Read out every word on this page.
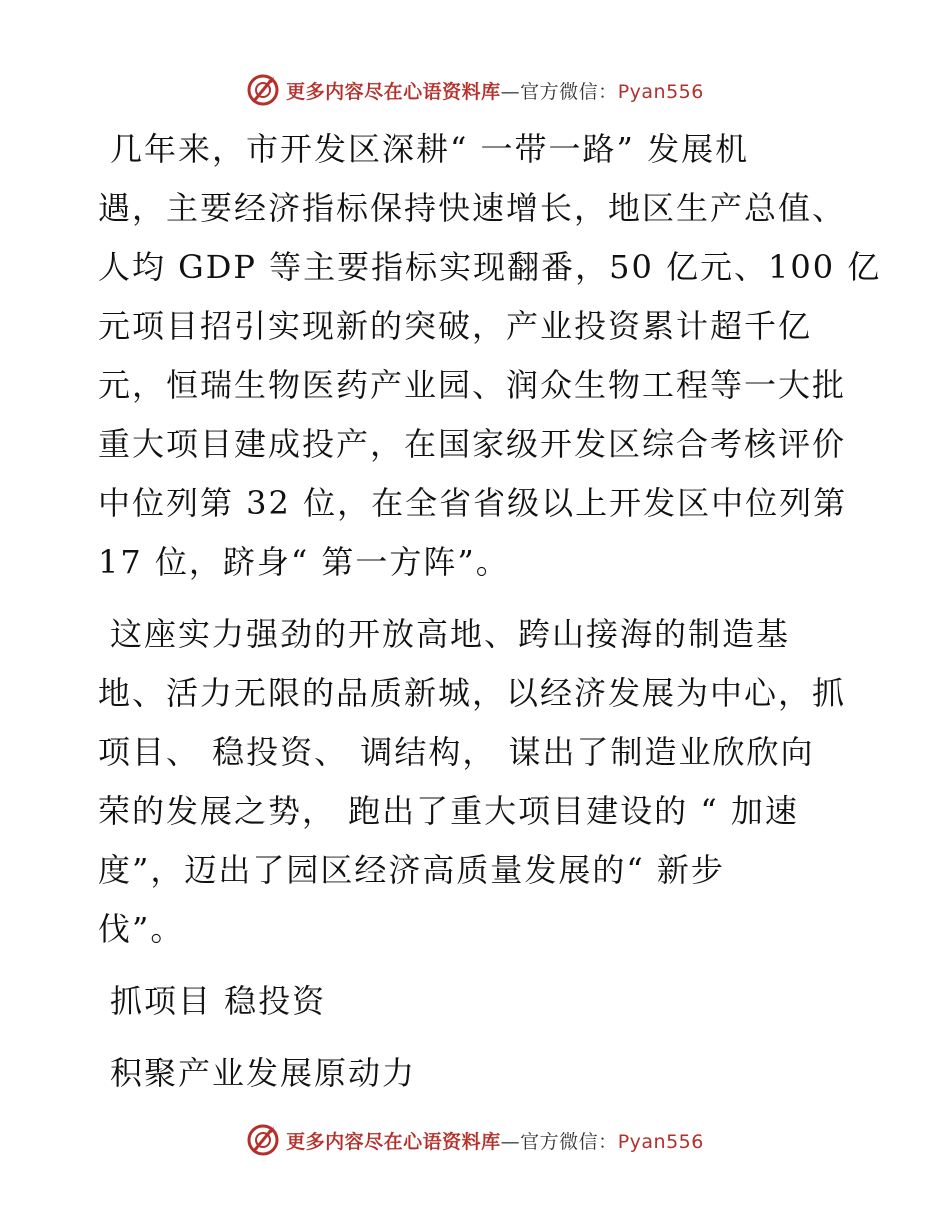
更多内容尽在心语资料库—官方微信：Pyan556
几年来，市开发区深耕“ 一带一路” 发展机
遇，主要经济指标保持快速增长，地区生产总值、
人均 GDP 等主要指标实现翻番，50 亿元、100 亿
元项目招引实现新的突破，产业投资累计超千亿
元，恒瑞生物医药产业园、润众生物工程等一大批
重大项目建成投产，在国家级开发区综合考核评价
中位列第 32 位，在全省省级以上开发区中位列第
17 位，跻身“ 第一方阵”。
这座实力强劲的开放高地、跨山接海的制造基
地、活力无限的品质新城，以经济发展为中心，抓
项目、 稳投资、 调结构， 谋出了制造业欣欣向
荣的发展之势， 跑出了重大项目建设的 “ 加速
度”，迈出了园区经济高质量发展的“ 新步
伐”。
抓项目 稳投资
积聚产业发展原动力
更多内容尽在心语资料库—官方微信：Pyan556
